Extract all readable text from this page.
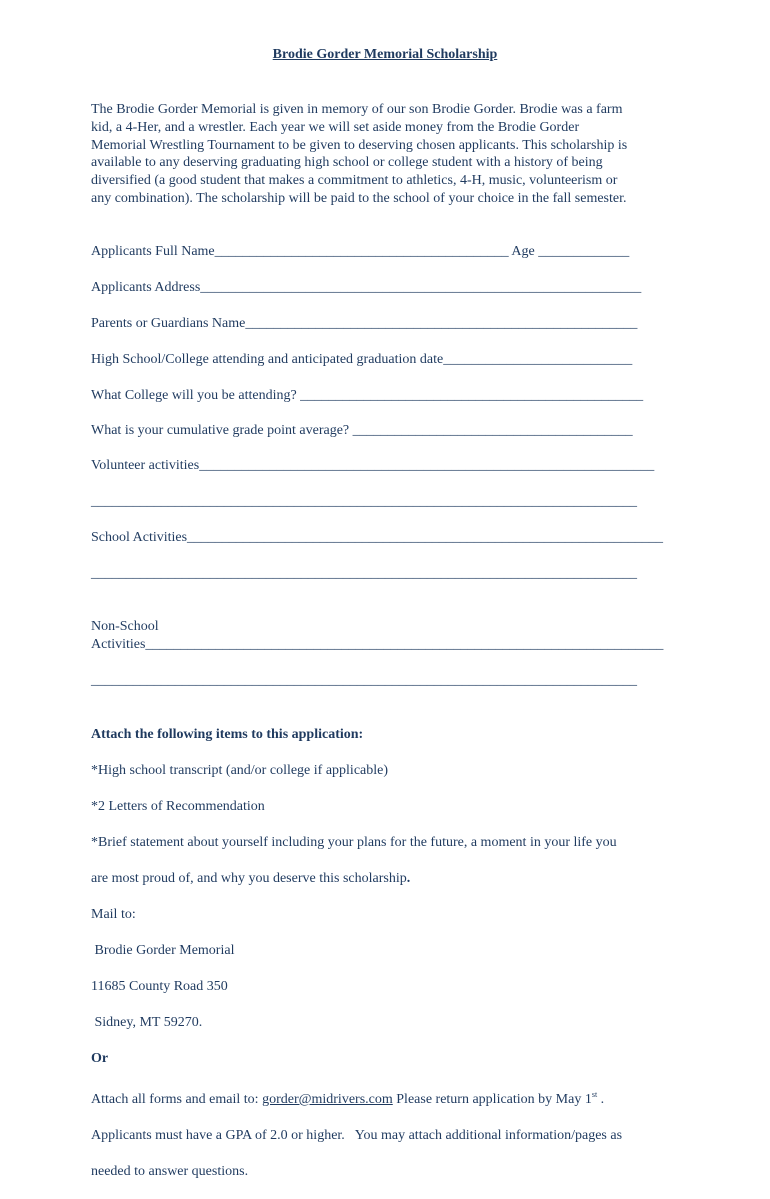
Brodie Gorder Memorial Scholarship
The Brodie Gorder Memorial is given in memory of our son Brodie Gorder. Brodie was a farm
kid, a 4-Her, and a wrestler. Each year we will set aside money from the Brodie Gorder
Memorial Wrestling Tournament to be given to deserving chosen applicants. This scholarship is
available to any deserving graduating high school or college student with a history of being
diversified (a good student that makes a commitment to athletics, 4-H, music, volunteerism or
any combination). The scholarship will be paid to the school of your choice in the fall semester.
Applicants Full Name__________________________________________ Age _____________
Applicants Address_______________________________________________________________
Parents or Guardians Name________________________________________________________
High School/College attending and anticipated graduation date___________________________
What College will you be attending? _________________________________________________
What is your cumulative grade point average? ________________________________________
Volunteer activities_________________________________________________________________
______________________________________________________________________________
School Activities____________________________________________________________________
______________________________________________________________________________
Non-School
Activities__________________________________________________________________________
______________________________________________________________________________

Attach the following items to this application:

*High school transcript (and/or college if applicable)

*2 Letters of Recommendation

*Brief statement about yourself including your plans for the future, a moment in your life you

are most proud of, and why you deserve this scholarship.

Mail to:

Brodie Gorder Memorial

11685 County Road 350

Sidney, MT 59270.

Or

Attach all forms and email to: gorder@midrivers.com Please return application by May 1st .

Applicants must have a GPA of 2.0 or higher.   You may attach additional information/pages as

needed to answer questions.
